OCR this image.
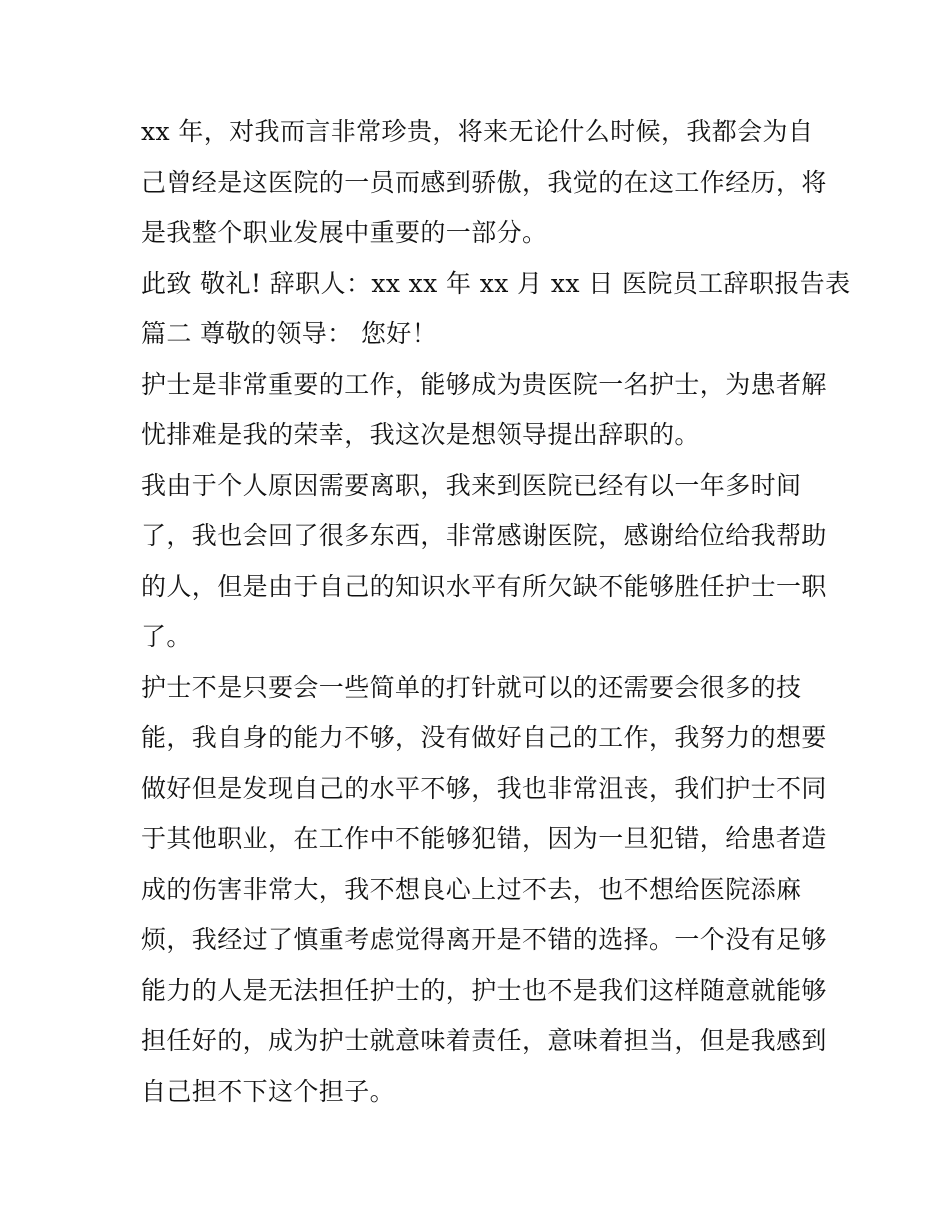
xx 年，对我而言非常珍贵，将来无论什么时候，我都会为自
己曾经是这医院的一员而感到骄傲，我觉的在这工作经历，将
是我整个职业发展中重要的一部分。
此致 敬礼! 辞职人：xx xx 年 xx 月 xx 日 医院员工辞职报告表
篇二 尊敬的领导： 您好！
护士是非常重要的工作，能够成为贵医院一名护士，为患者解
忧排难是我的荣幸，我这次是想领导提出辞职的。
我由于个人原因需要离职，我来到医院已经有以一年多时间
了，我也会回了很多东西，非常感谢医院，感谢给位给我帮助
的人，但是由于自己的知识水平有所欠缺不能够胜任护士一职
了。
护士不是只要会一些简单的打针就可以的还需要会很多的技
能，我自身的能力不够，没有做好自己的工作，我努力的想要
做好但是发现自己的水平不够，我也非常沮丧，我们护士不同
于其他职业，在工作中不能够犯错，因为一旦犯错，给患者造
成的伤害非常大，我不想良心上过不去，也不想给医院添麻
烦，我经过了慎重考虑觉得离开是不错的选择。一个没有足够
能力的人是无法担任护士的，护士也不是我们这样随意就能够
担任好的，成为护士就意味着责任，意味着担当，但是我感到
自己担不下这个担子。
